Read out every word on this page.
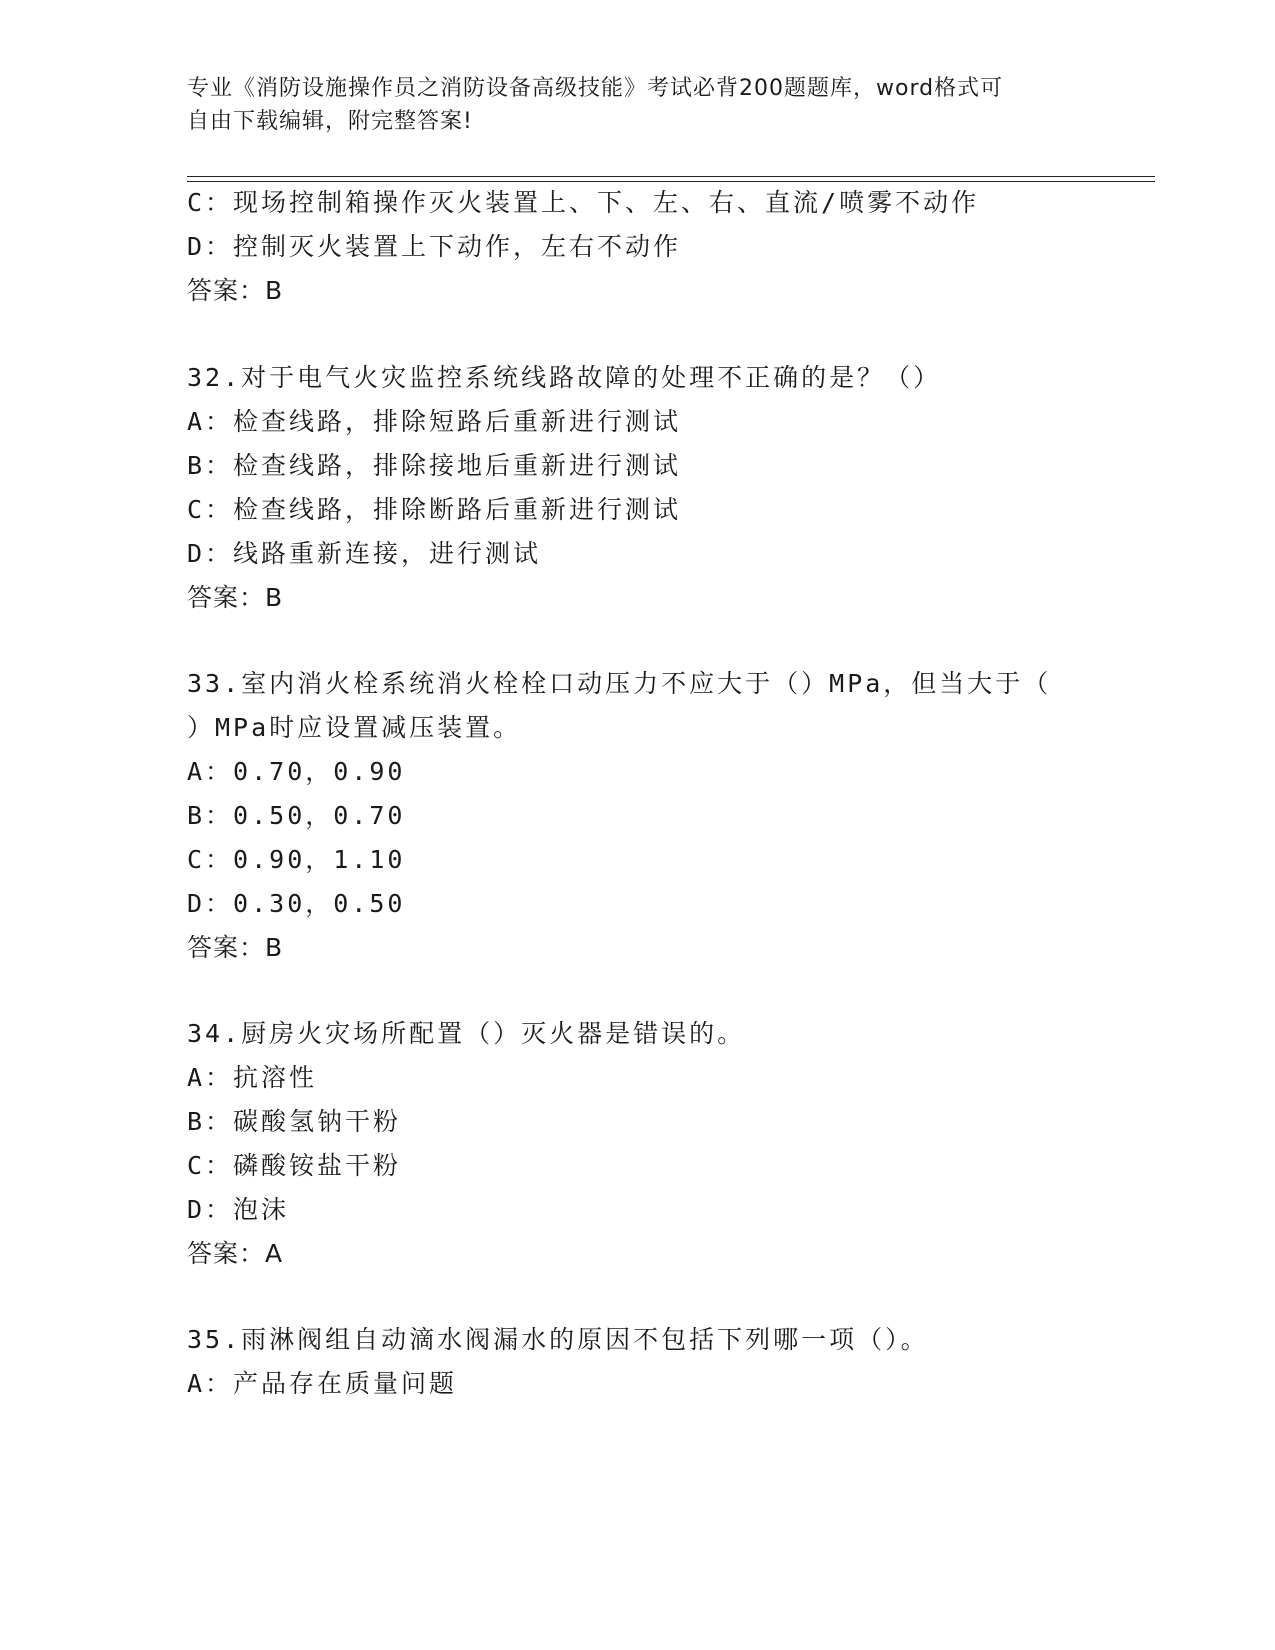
专业《消防设施操作员之消防设备高级技能》考试必背200题题库，word格式可
自由下载编辑，附完整答案!
C：现场控制箱操作灭火装置上、下、左、右、直流/喷雾不动作
D：控制灭火装置上下动作，左右不动作
答案：B
32.对于电气火灾监控系统线路故障的处理不正确的是？（）
A：检查线路，排除短路后重新进行测试
B：检查线路，排除接地后重新进行测试
C：检查线路，排除断路后重新进行测试
D：线路重新连接，进行测试
答案：B
33.室内消火栓系统消火栓栓口动压力不应大于（）MPa，但当大于（
）MPa时应设置减压装置。
A：0.70，0.90
B：0.50，0.70
C：0.90，1.10
D：0.30，0.50
答案：B
34.厨房火灾场所配置（）灭火器是错误的。
A：抗溶性
B：碳酸氢钠干粉
C：磷酸铵盐干粉
D：泡沫
答案：A
35.雨淋阀组自动滴水阀漏水的原因不包括下列哪一项（）。
A：产品存在质量问题
